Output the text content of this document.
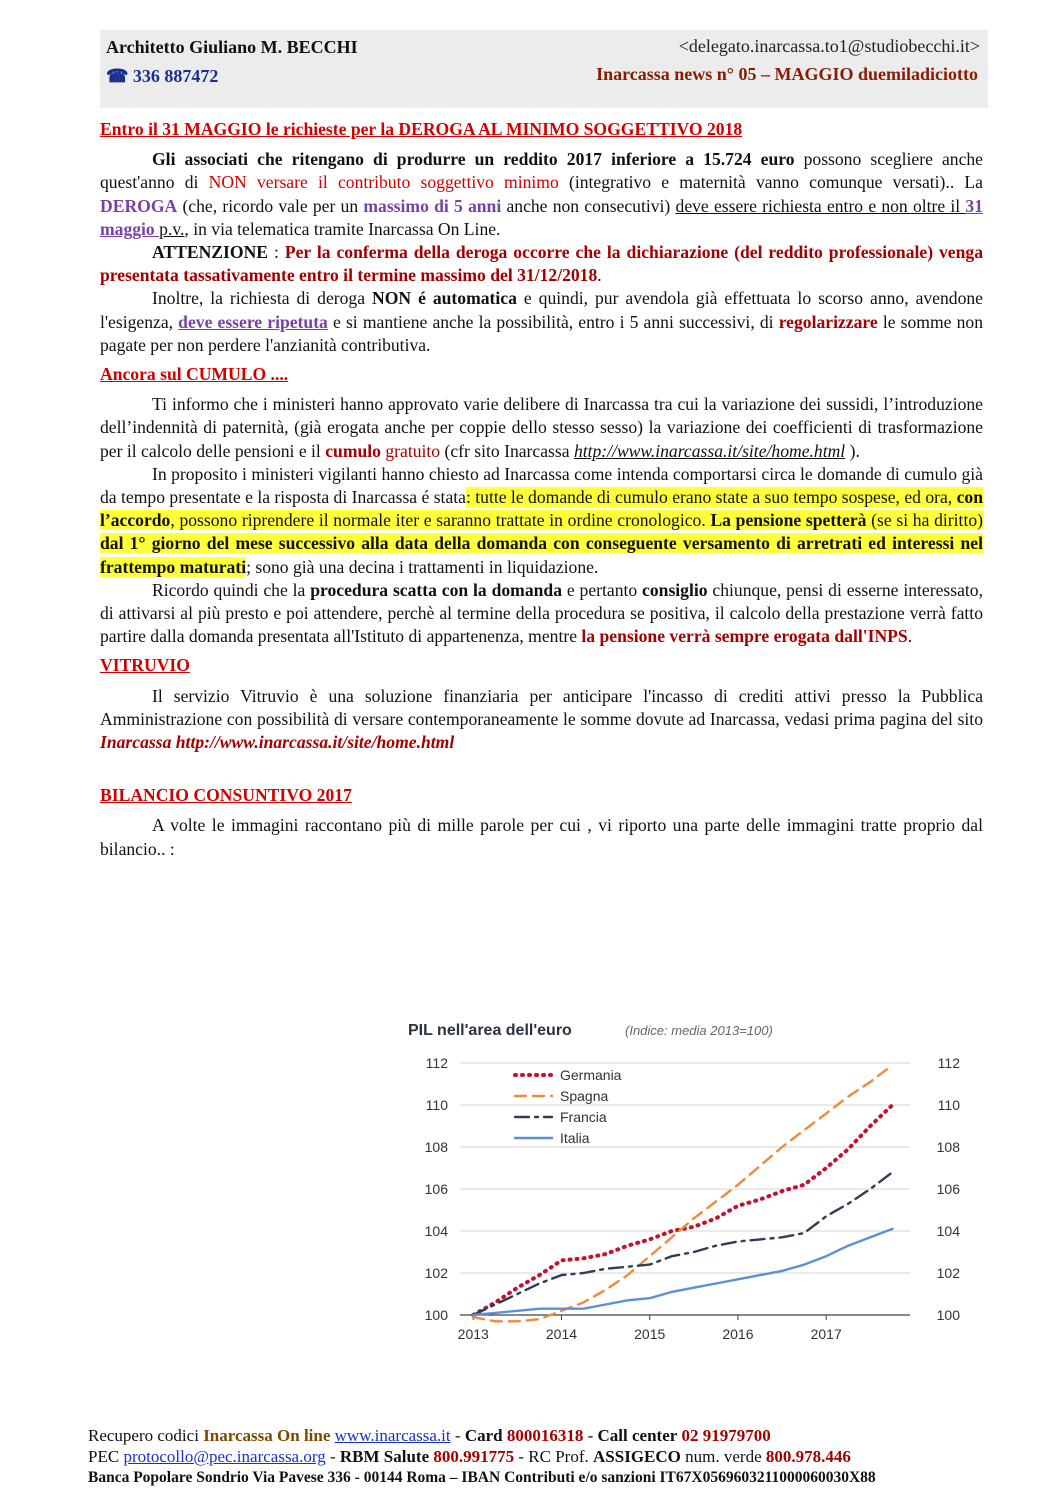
Architetto Giuliano M. BECCHI
☎ 336 887472
<delegato.inarcassa.to1@studiobecchi.it>
Inarcassa news n° 05 – MAGGIO duemiladiciotto
Entro il 31 MAGGIO le richieste per la DEROGA AL MINIMO SOGGETTIVO 2018

Gli associati che ritengano di produrre un reddito 2017 inferiore a 15.724 euro possono scegliere anche quest'anno di NON versare il contributo soggettivo minimo (integrativo e maternità vanno comunque versati).. La DEROGA (che, ricordo vale per un massimo di 5 anni anche non consecutivi) deve essere richiesta entro e non oltre il 31 maggio p.v., in via telematica tramite Inarcassa On Line.

ATTENZIONE : Per la conferma della deroga occorre che la dichiarazione (del reddito professionale) venga presentata tassativamente entro il termine massimo del 31/12/2018.

Inoltre, la richiesta di deroga NON é automatica e quindi, pur avendola già effettuata lo scorso anno, avendone l'esigenza, deve essere ripetuta e si mantiene anche la possibilità, entro i 5 anni successivi, di regolarizzare le somme non pagate per non perdere l'anzianità contributiva.

Ancora sul CUMULO ....

Ti informo che i ministeri hanno approvato varie delibere di Inarcassa tra cui la variazione dei sussidi, l’introduzione dell’indennità di paternità, (già erogata anche per coppie dello stesso sesso) la variazione dei coefficienti di trasformazione per il calcolo delle pensioni e il cumulo gratuito (cfr sito Inarcassa http://www.inarcassa.it/site/home.html ).

In proposito i ministeri vigilanti hanno chiesto ad Inarcassa come intenda comportarsi circa le domande di cumulo già da tempo presentate e la risposta di Inarcassa é stata: tutte le domande di cumulo erano state a suo tempo sospese, ed ora, con l’accordo, possono riprendere il normale iter e saranno trattate in ordine cronologico. La pensione spetterà (se si ha diritto) dal 1° giorno del mese successivo alla data della domanda con conseguente versamento di arretrati ed interessi nel frattempo maturati; sono già una decina i trattamenti in liquidazione.

Ricordo quindi che la procedura scatta con la domanda e pertanto consiglio chiunque, pensi di esserne interessato, di attivarsi al più presto e poi attendere, perchè al termine della procedura se positiva, il calcolo della prestazione verrà fatto partire dalla domanda presentata all'Istituto di appartenenza, mentre la pensione verrà sempre erogata dall'INPS.

VITRUVIO

Il servizio Vitruvio è una soluzione finanziaria per anticipare l'incasso di crediti attivi presso la Pubblica Amministrazione con possibilità di versare contemporaneamente le somme dovute ad Inarcassa, vedasi prima pagina del sito Inarcassa http://www.inarcassa.it/site/home.html

BILANCIO CONSUNTIVO 2017

A volte le immagini raccontano più di mille parole per cui , vi riporto una parte delle immagini tratte proprio dal bilancio.. :

PIL nell'area dell'euro	(Indice: media 2013=100)
100
102
104
106
108
110
112
100
102
104
106
108
110
112
2013	2014	2015	2016	2017
Germania
Spagna
Francia
Italia
Recupero codici Inarcassa On line www.inarcassa.it - Card 800016318 - Call center 02 91979700
PEC protocollo@pec.inarcassa.org - RBM Salute 800.991775 - RC Prof. ASSIGECO num. verde 800.978.446
Banca Popolare Sondrio Via Pavese 336 - 00144 Roma – IBAN Contributi e/o sanzioni IT67X0569603211000060030X88
